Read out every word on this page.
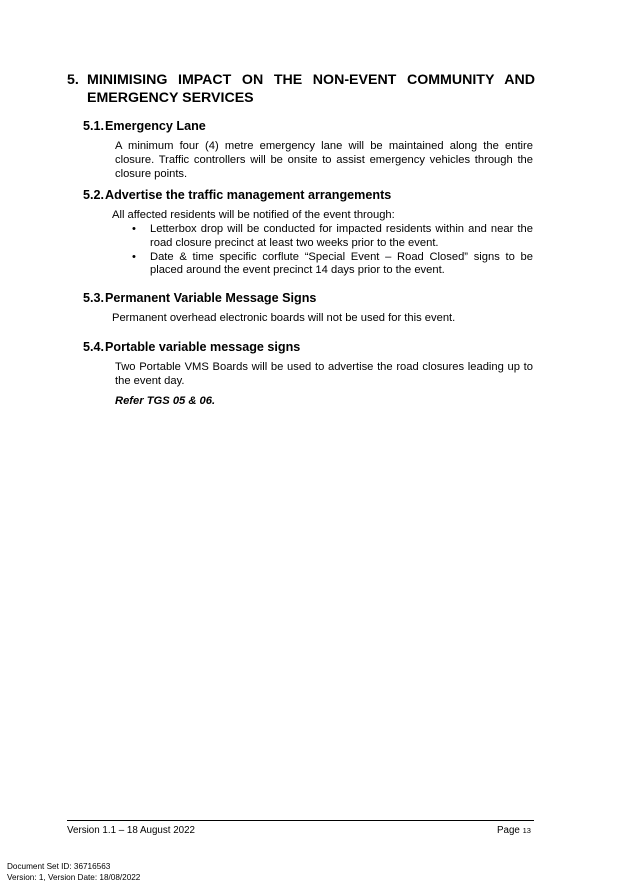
5. MINIMISING IMPACT ON THE NON-EVENT COMMUNITY AND EMERGENCY SERVICES
5.1. Emergency Lane
A minimum four (4) metre emergency lane will be maintained along the entire closure. Traffic controllers will be onsite to assist emergency vehicles through the closure points.
5.2. Advertise the traffic management arrangements
All affected residents will be notified of the event through:
• Letterbox drop will be conducted for impacted residents within and near the road closure precinct at least two weeks prior to the event.
• Date & time specific corflute “Special Event – Road Closed” signs to be placed around the event precinct 14 days prior to the event.
5.3. Permanent Variable Message Signs
Permanent overhead electronic boards will not be used for this event.
5.4. Portable variable message signs
Two Portable VMS Boards will be used to advertise the road closures leading up to the event day.
Refer TGS 05 & 06.
Version 1.1 – 18 August 2022	Page 13
Document Set ID: 36716563
Version: 1, Version Date: 18/08/2022
